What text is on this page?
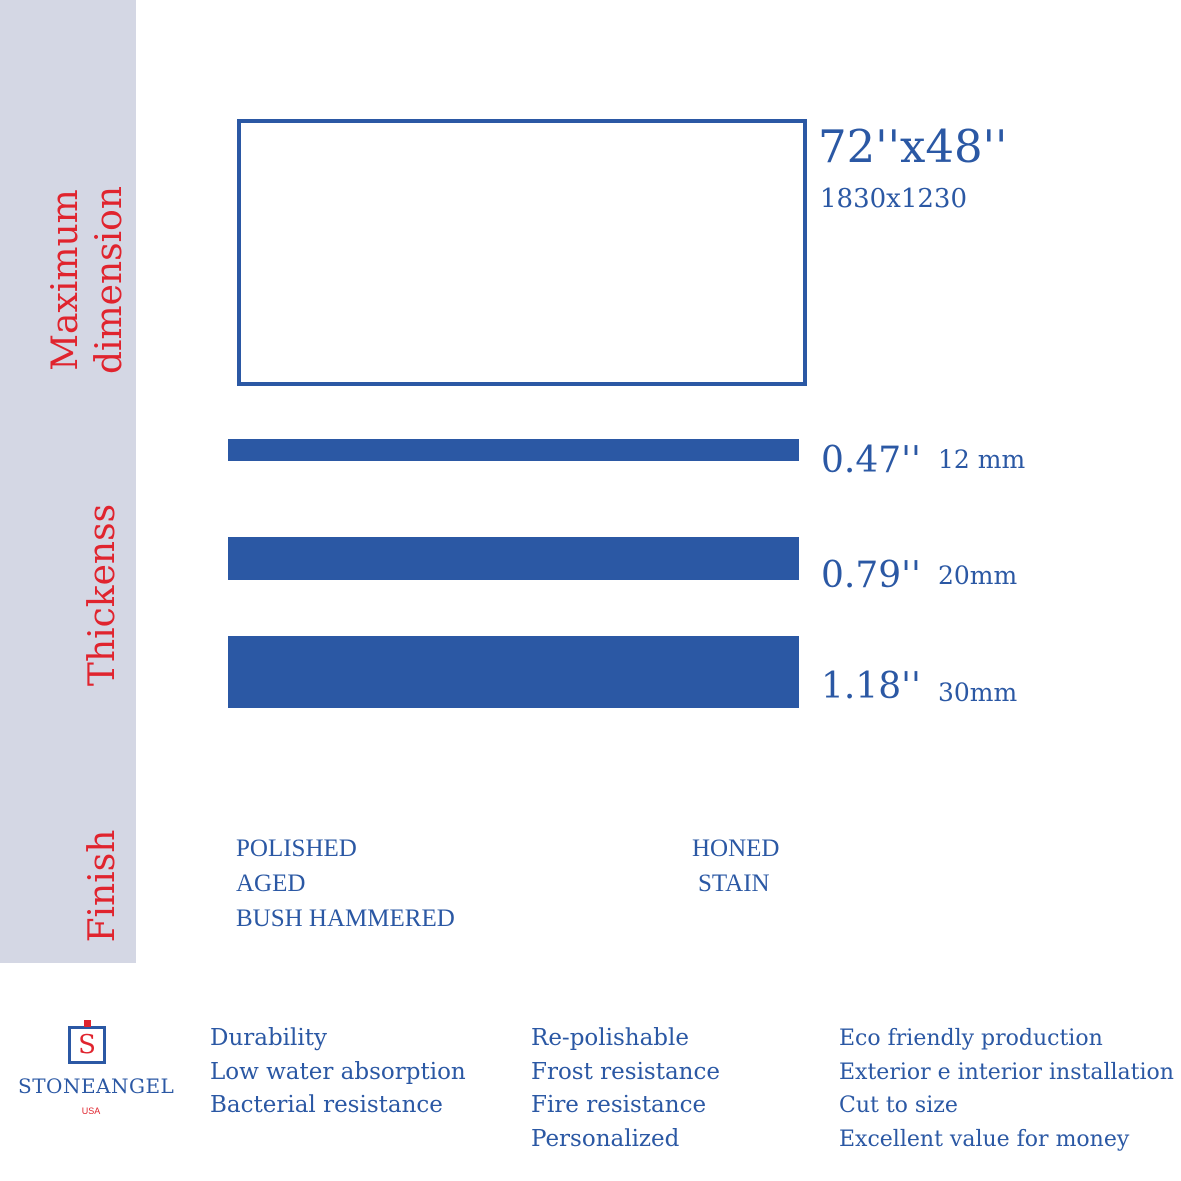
Maximum dimension
Thickenss
Finish
72''x48''
1830x1230
0.47'' 12 mm
0.79'' 20mm
1.18'' 30mm
POLISHED
AGED
BUSH HAMMERED
HONED
STAIN
S
STONEANGEL
USA
Durability
Low water absorption
Bacterial resistance
Re-polishable
Frost resistance
Fire resistance
Personalized
Eco friendly production
Exterior e interior installation
Cut to size
Excellent value for money
